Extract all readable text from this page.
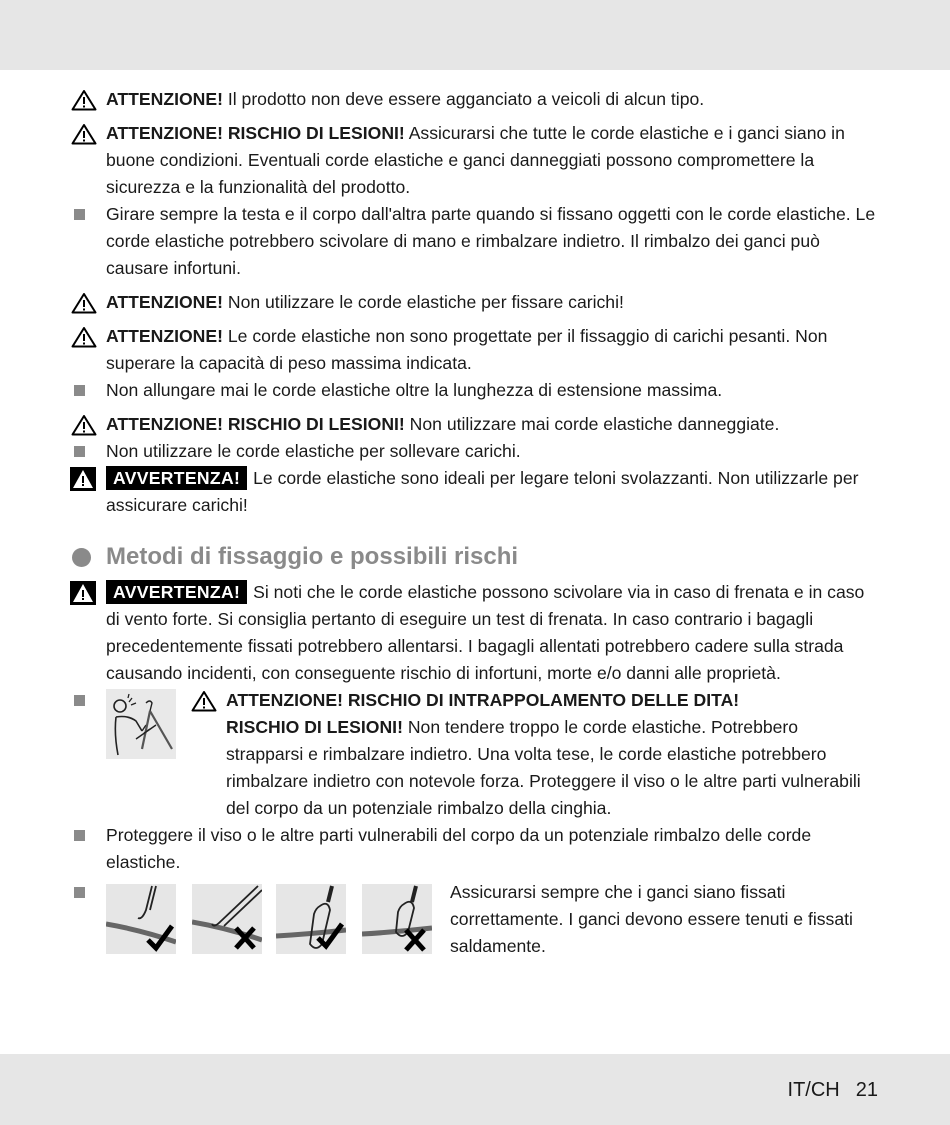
ATTENZIONE! Il prodotto non deve essere agganciato a veicoli di alcun tipo.
ATTENZIONE! RISCHIO DI LESIONI! Assicurarsi che tutte le corde elastiche e i ganci siano in buone condizioni. Eventuali corde elastiche e ganci danneggiati possono compromettere la sicurezza e la funzionalità del prodotto.
Girare sempre la testa e il corpo dall'altra parte quando si fissano oggetti con le corde elastiche. Le corde elastiche potrebbero scivolare di mano e rimbalzare indietro. Il rimbalzo dei ganci può causare infortuni.
ATTENZIONE! Non utilizzare le corde elastiche per fissare carichi!
ATTENZIONE! Le corde elastiche non sono progettate per il fissaggio di carichi pesanti. Non superare la capacità di peso massima indicata.
Non allungare mai le corde elastiche oltre la lunghezza di estensione massima.
ATTENZIONE! RISCHIO DI LESIONI! Non utilizzare mai corde elastiche danneggiate.
Non utilizzare le corde elastiche per sollevare carichi.
AVVERTENZA! Le corde elastiche sono ideali per legare teloni svolazzanti. Non utilizzarle per assicurare carichi!
Metodi di fissaggio e possibili rischi
AVVERTENZA! Si noti che le corde elastiche possono scivolare via in caso di frenata e in caso di vento forte. Si consiglia pertanto di eseguire un test di frenata. In caso contrario i bagagli precedentemente fissati potrebbero allentarsi. I bagagli allentati potrebbero cadere sulla strada causando incidenti, con conseguente rischio di infortuni, morte e/o danni alle proprietà.
ATTENZIONE! RISCHIO DI INTRAPPOLAMENTO DELLE DITA!
RISCHIO DI LESIONI! Non tendere troppo le corde elastiche. Potrebbero strapparsi e rimbalzare indietro. Una volta tese, le corde elastiche potrebbero rimbalzare indietro con notevole forza. Proteggere il viso o le altre parti vulnerabili del corpo da un potenziale rimbalzo della cinghia.
Proteggere il viso o le altre parti vulnerabili del corpo da un potenziale rimbalzo delle corde elastiche.
Assicurarsi sempre che i ganci siano fissati correttamente. I ganci devono essere tenuti e fissati saldamente.
IT/CH 21
